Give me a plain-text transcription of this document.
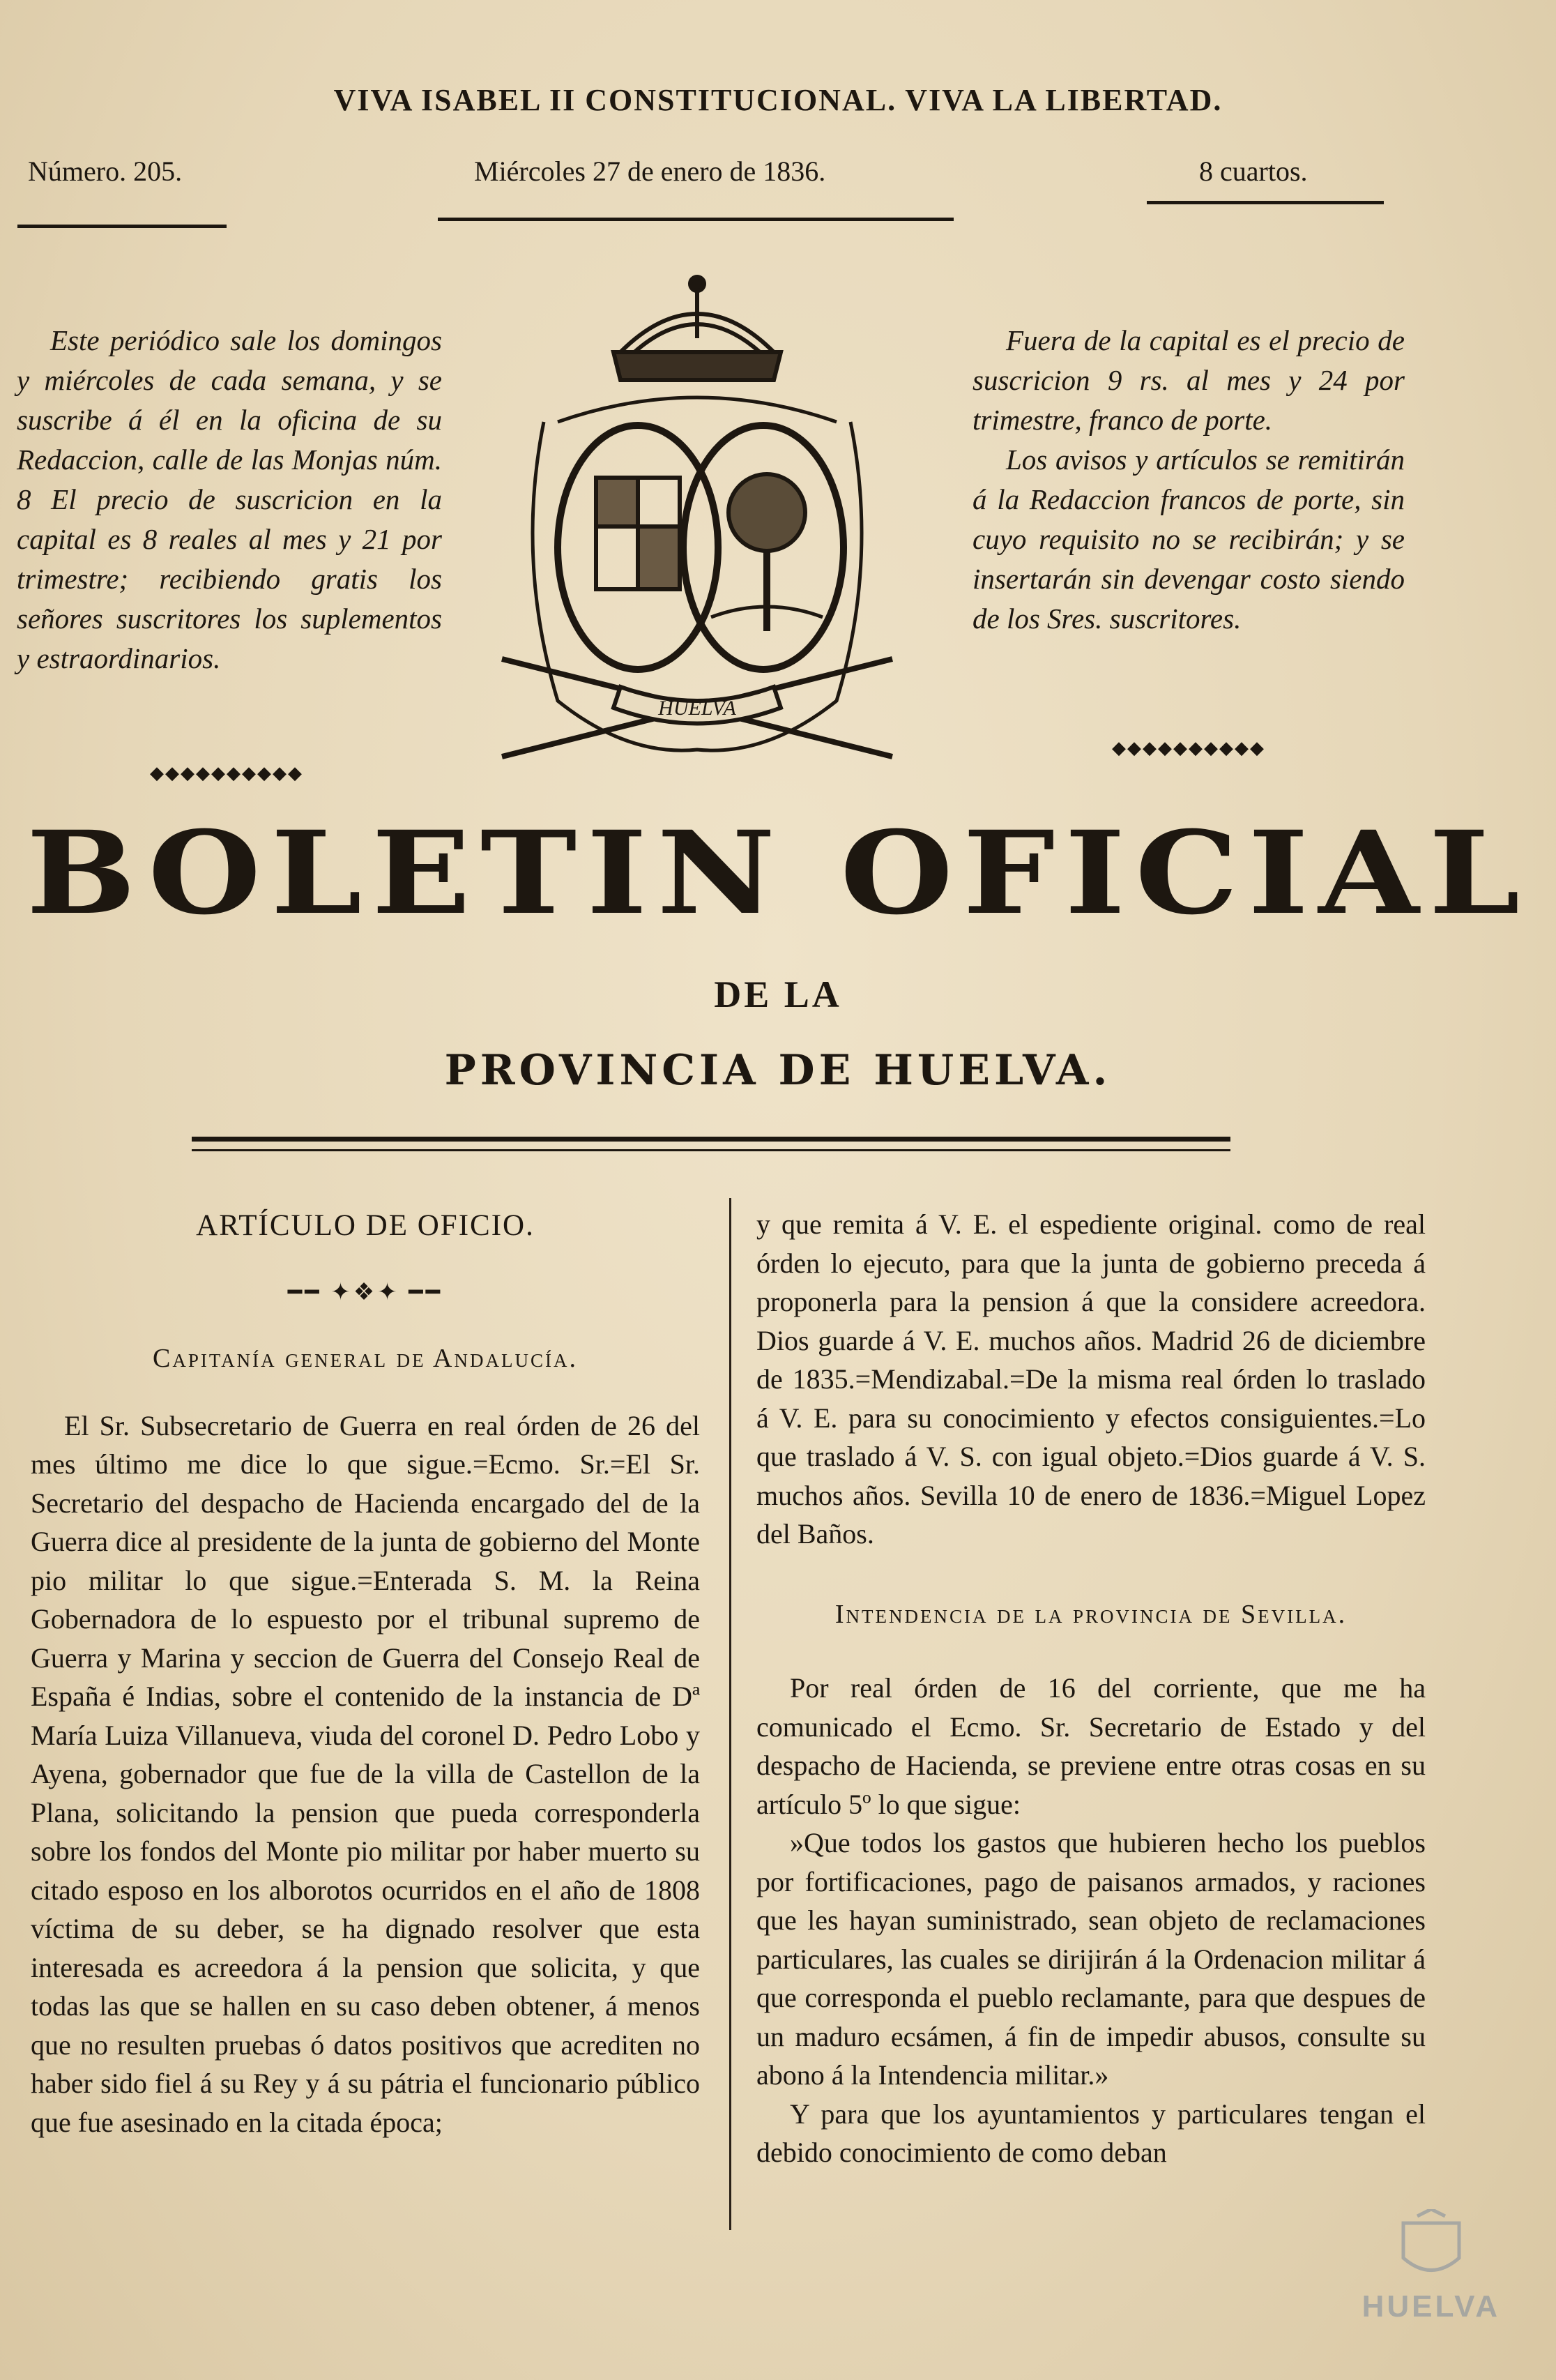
VIVA ISABEL II CONSTITUCIONAL. VIVA LA LIBERTAD.
Número. 205.	Miércoles 27 de enero de 1836.	8 cuartos.

Este periódico sale los domingos y miércoles de cada semana, y se suscribe á él en la oficina de su Redaccion, calle de las Monjas núm. 8 El precio de suscricion en la capital es 8 reales al mes y 21 por trimestre; recibiendo gratis los señores suscritores los suplementos y estraordinarios.

◆◆◆◆◆◆◆◆◆◆
HUELVA

Fuera de la capital es el precio de suscricion 9 rs. al mes y 24 por trimestre, franco de porte.

Los avisos y artículos se remitirán á la Redaccion francos de porte, sin cuyo requisito no se recibirán; y se insertarán sin devengar costo siendo de los Sres. suscritores.

◆◆◆◆◆◆◆◆◆◆
BOLETIN OFICIAL
DE LA
PROVINCIA DE HUELVA.

ARTÍCULO DE OFICIO.

━━ ✦❖✦ ━━

Capitanía general de Andalucía.

El Sr. Subsecretario de Guerra en real órden de 26 del mes último me dice lo que sigue.=Ecmo. Sr.=El Sr. Secretario del despacho de Hacienda encargado del de la Guerra dice al presidente de la junta de gobierno del Monte pio militar lo que sigue.=Enterada S. M. la Reina Gobernadora de lo espuesto por el tribunal supremo de Guerra y Marina y seccion de Guerra del Consejo Real de España é Indias, sobre el contenido de la instancia de Dª María Luiza Villanueva, viuda del coronel D. Pedro Lobo y Ayena, gobernador que fue de la villa de Castellon de la Plana, solicitando la pension que pueda corresponderla sobre los fondos del Monte pio militar por haber muerto su citado esposo en los alborotos ocurridos en el año de 1808 víctima de su deber, se ha dignado resolver que esta interesada es acreedora á la pension que solicita, y que todas las que se hallen en su caso deben obtener, á menos que no resulten pruebas ó datos positivos que acrediten no haber sido fiel á su Rey y á su pátria el funcionario público que fue asesinado en la citada época;

y que remita á V. E. el espediente original. como de real órden lo ejecuto, para que la junta de gobierno preceda á proponerla para la pension á que la considere acreedora. Dios guarde á V. E. muchos años. Madrid 26 de diciembre de 1835.=Mendizabal.=De la misma real órden lo traslado á V. E. para su conocimiento y efectos consiguientes.=Lo que traslado á V. S. con igual objeto.=Dios guarde á V. S. muchos años. Sevilla 10 de enero de 1836.=Miguel Lopez del Baños.

Intendencia de la provincia de Sevilla.

Por real órden de 16 del corriente, que me ha comunicado el Ecmo. Sr. Secretario de Estado y del despacho de Hacienda, se previene entre otras cosas en su artículo 5º lo que sigue:

»Que todos los gastos que hubieren hecho los pueblos por fortificaciones, pago de paisanos armados, y raciones que les hayan suministrado, sean objeto de reclamaciones particulares, las cuales se dirijirán á la Ordenacion militar á que corresponda el pueblo reclamante, para que despues de un maduro ecsámen, á fin de impedir abusos, consulte su abono á la Intendencia militar.»

Y para que los ayuntamientos y particulares tengan el debido conocimiento de como deban

HUELVA
